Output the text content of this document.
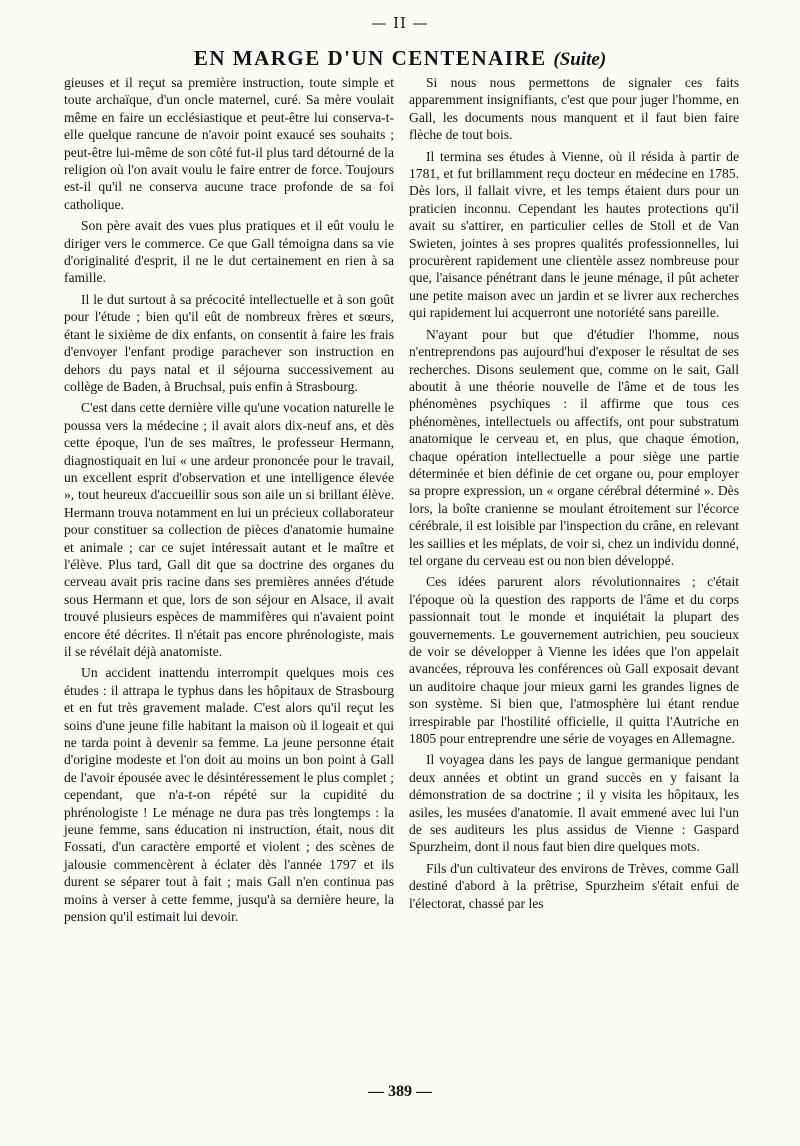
— II —
EN MARGE D'UN CENTENAIRE (Suite)

gieuses et il reçut sa première instruction, toute simple et toute archaïque, d'un oncle maternel, curé. Sa mère voulait même en faire un ecclésiastique et peut-être lui conserva-t-elle quelque rancune de n'avoir point exaucé ses souhaits ; peut-être lui-même de son côté fut-il plus tard détourné de la religion où l'on avait voulu le faire entrer de force. Toujours est-il qu'il ne conserva aucune trace profonde de sa foi catholique.

Son père avait des vues plus pratiques et il eût voulu le diriger vers le commerce. Ce que Gall témoigna dans sa vie d'originalité d'esprit, il ne le dut certainement en rien à sa famille.

Il le dut surtout à sa précocité intellectuelle et à son goût pour l'étude ; bien qu'il eût de nombreux frères et sœurs, étant le sixième de dix enfants, on consentit à faire les frais d'envoyer l'enfant prodige parachever son instruction en dehors du pays natal et il séjourna successivement au collège de Baden, à Bruchsal, puis enfin à Strasbourg.

C'est dans cette dernière ville qu'une vocation naturelle le poussa vers la médecine ; il avait alors dix-neuf ans, et dès cette époque, l'un de ses maîtres, le professeur Hermann, diagnostiquait en lui « une ardeur prononcée pour le travail, un excellent esprit d'observation et une intelligence élevée », tout heureux d'accueillir sous son aile un si brillant élève. Hermann trouva notamment en lui un précieux collaborateur pour constituer sa collection de pièces d'anatomie humaine et animale ; car ce sujet intéressait autant et le maître et l'élève. Plus tard, Gall dit que sa doctrine des organes du cerveau avait pris racine dans ses premières années d'étude sous Hermann et que, lors de son séjour en Alsace, il avait trouvé plusieurs espèces de mammifères qui n'avaient point encore été décrites. Il n'était pas encore phrénologiste, mais il se révélait déjà anatomiste.

Un accident inattendu interrompit quelques mois ces études : il attrapa le typhus dans les hôpitaux de Strasbourg et en fut très gravement malade. C'est alors qu'il reçut les soins d'une jeune fille habitant la maison où il logeait et qui ne tarda point à devenir sa femme. La jeune personne était d'origine modeste et l'on doit au moins un bon point à Gall de l'avoir épousée avec le désintéressement le plus complet ; cependant, que n'a-t-on répété sur la cupidité du phrénologiste ! Le ménage ne dura pas très longtemps : la jeune femme, sans éducation ni instruction, était, nous dit Fossati, d'un caractère emporté et violent ; des scènes de jalousie commencèrent à éclater dès l'année 1797 et ils durent se séparer tout à fait ; mais Gall n'en continua pas moins à verser à cette femme, jusqu'à sa dernière heure, la pension qu'il estimait lui devoir.

Si nous nous permettons de signaler ces faits apparemment insignifiants, c'est que pour juger l'homme, en Gall, les documents nous manquent et il faut bien faire flèche de tout bois.

Il termina ses études à Vienne, où il résida à partir de 1781, et fut brillamment reçu docteur en médecine en 1785. Dès lors, il fallait vivre, et les temps étaient durs pour un praticien inconnu. Cependant les hautes protections qu'il avait su s'attirer, en particulier celles de Stoll et de Van Swieten, jointes à ses propres qualités professionnelles, lui procurèrent rapidement une clientèle assez nombreuse pour que, l'aisance pénétrant dans le jeune ménage, il pût acheter une petite maison avec un jardin et se livrer aux recherches qui rapidement lui acquerront une notoriété sans pareille.

N'ayant pour but que d'étudier l'homme, nous n'entreprendons pas aujourd'hui d'exposer le résultat de ses recherches. Disons seulement que, comme on le sait, Gall aboutit à une théorie nouvelle de l'âme et de tous les phénomènes psychiques : il affirme que tous ces phénomènes, intellectuels ou affectifs, ont pour substratum anatomique le cerveau et, en plus, que chaque émotion, chaque opération intellectuelle a pour siège une partie déterminée et bien définie de cet organe ou, pour employer sa propre expression, un « organe cérébral déterminé ». Dès lors, la boîte cranienne se moulant étroitement sur l'écorce cérébrale, il est loisible par l'inspection du crâne, en relevant les saillies et les méplats, de voir si, chez un individu donné, tel organe du cerveau est ou non bien développé.

Ces idées parurent alors révolutionnaires ; c'était l'époque où la question des rapports de l'âme et du corps passionnait tout le monde et inquiétait la plupart des gouvernements. Le gouvernement autrichien, peu soucieux de voir se développer à Vienne les idées que l'on appelait avancées, réprouva les conférences où Gall exposait devant un auditoire chaque jour mieux garni les grandes lignes de son système. Si bien que, l'atmosphère lui étant rendue irrespirable par l'hostilité officielle, il quitta l'Autriche en 1805 pour entreprendre une série de voyages en Allemagne.

Il voyagea dans les pays de langue germanique pendant deux années et obtint un grand succès en y faisant la démonstration de sa doctrine ; il y visita les hôpitaux, les asiles, les musées d'anatomie. Il avait emmené avec lui l'un de ses auditeurs les plus assidus de Vienne : Gaspard Spurzheim, dont il nous faut bien dire quelques mots.

Fils d'un cultivateur des environs de Trèves, comme Gall destiné d'abord à la prêtrise, Spurzheim s'était enfui de l'électorat, chassé par les

— 389 —
